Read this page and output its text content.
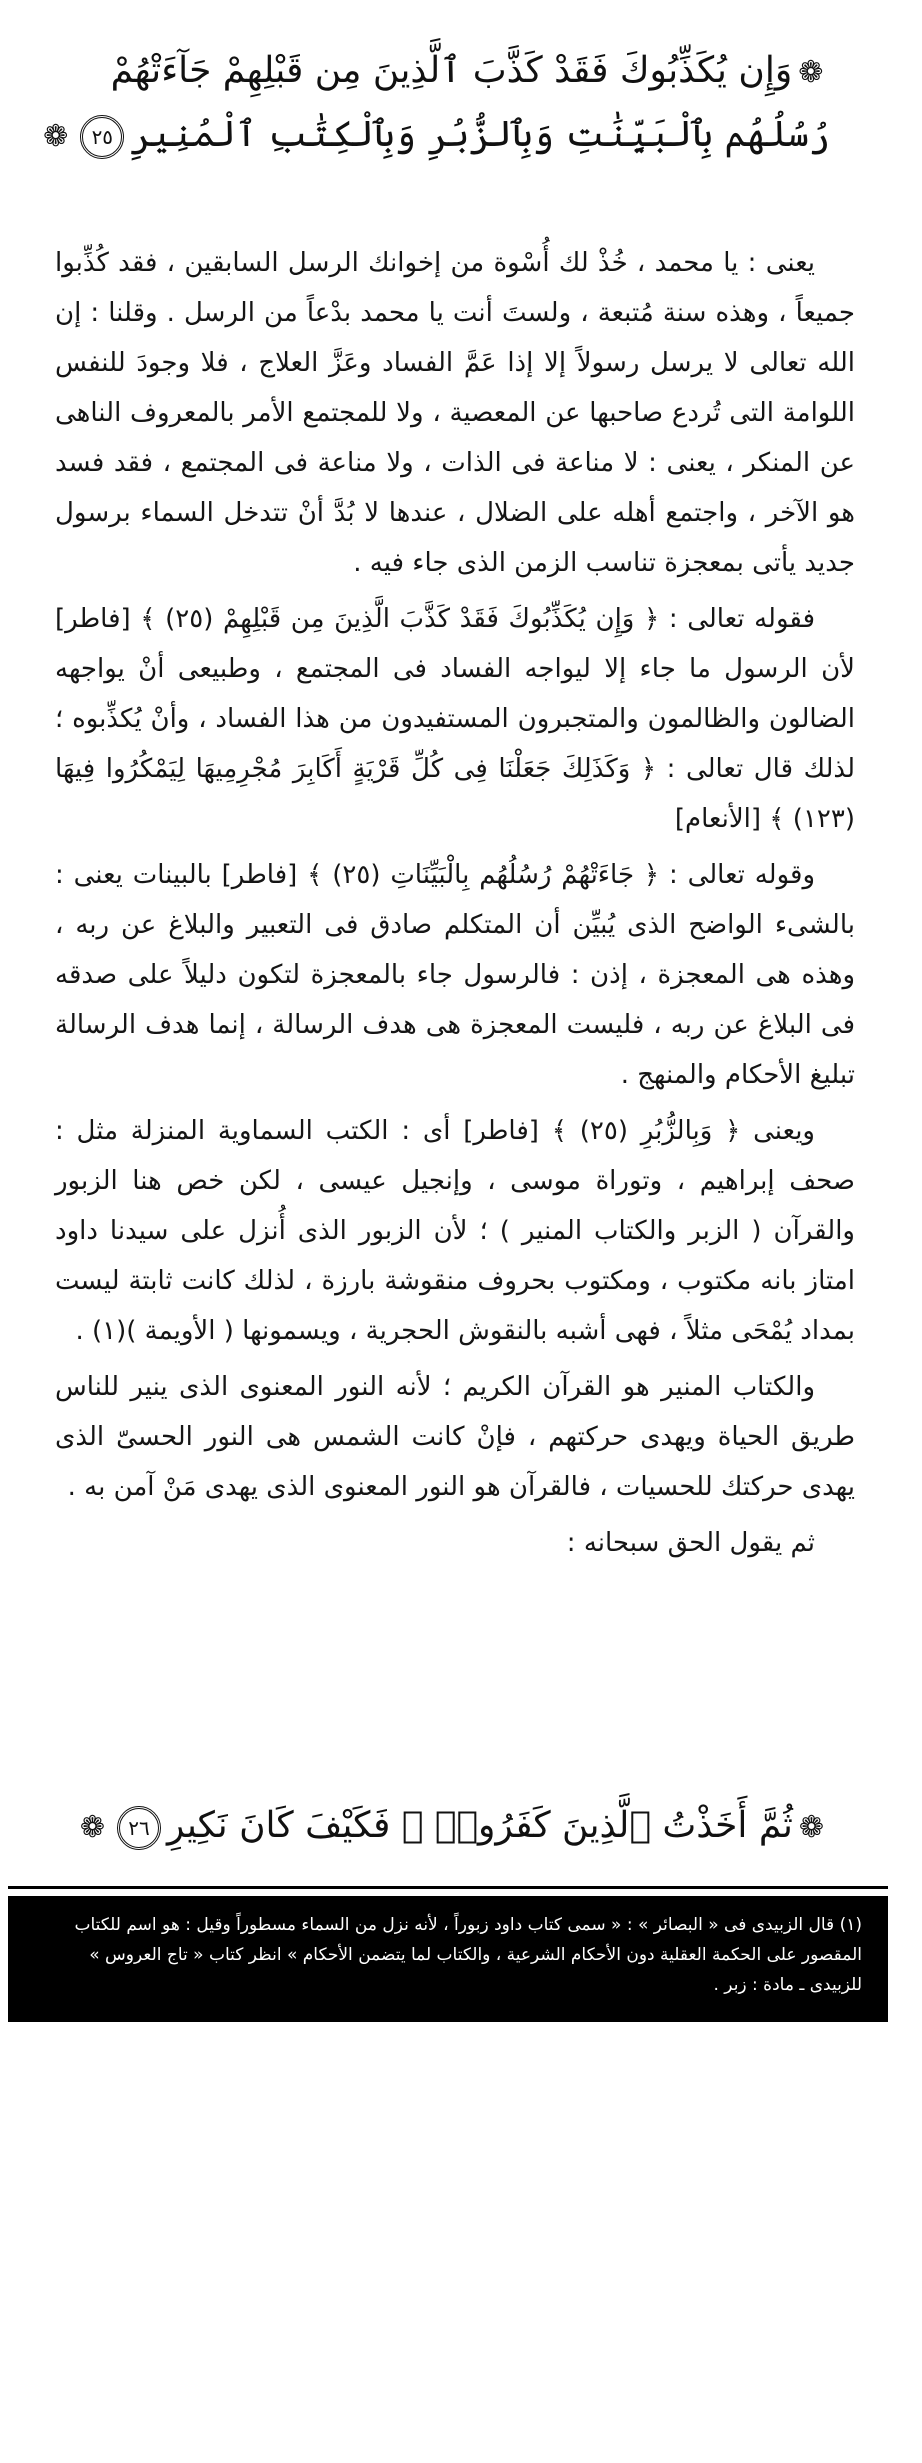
❁وَإِن يُكَذِّبُوكَ فَقَدْ كَذَّبَ ٱلَّذِينَ مِن قَبْلِهِمْ جَآءَتْهُمْ
رُسُلُهُم بِٱلْبَيِّنَٰتِ وَبِٱلزُّبُرِ وَبِٱلْكِتَٰبِ ٱلْمُنِيرِ٢٥❁

يعنى : يا محمد ، خُذْ لك أُسْوة من إخوانك الرسل السابقين ، فقد كُذِّبوا جميعاً ، وهذه سنة مُتبعة ، ولستَ أنت يا محمد بدْعاً من الرسل . وقلنا : إن الله تعالى لا يرسل رسولاً إلا إذا عَمَّ الفساد وعَزَّ العلاج ، فلا وجودَ للنفس اللوامة التى تُردع صاحبها عن المعصية ، ولا للمجتمع الأمر بالمعروف الناهى عن المنكر ، يعنى : لا مناعة فى الذات ، ولا مناعة فى المجتمع ، فقد فسد هو الآخر ، واجتمع أهله على الضلال ، عندها لا بُدَّ أنْ تتدخل السماء برسول جديد يأتى بمعجزة تناسب الزمن الذى جاء فيه .

فقوله تعالى : ﴿ وَإِن يُكَذِّبُوكَ فَقَدْ كَذَّبَ الَّذِينَ مِن قَبْلِهِمْ (٢٥) ﴾ [فاطر] لأن الرسول ما جاء إلا ليواجه الفساد فى المجتمع ، وطبيعى أنْ يواجهه الضالون والظالمون والمتجبرون المستفيدون من هذا الفساد ، وأنْ يُكذِّبوه ؛ لذلك قال تعالى : ﴿ وَكَذَلِكَ جَعَلْنَا فِى كُلِّ قَرْيَةٍ أَكَابِرَ مُجْرِمِيهَا لِيَمْكُرُوا فِيهَا (١٢٣) ﴾ [الأنعام]

وقوله تعالى : ﴿ جَاءَتْهُمْ رُسُلُهُم بِالْبَيِّنَاتِ (٢٥) ﴾ [فاطر] بالبينات يعنى : بالشىء الواضح الذى يُبيِّن أن المتكلم صادق فى التعبير والبلاغ عن ربه ، وهذه هى المعجزة ، إذن : فالرسول جاء بالمعجزة لتكون دليلاً على صدقه فى البلاغ عن ربه ، فليست المعجزة هى هدف الرسالة ، إنما هدف الرسالة تبليغ الأحكام والمنهج .

ويعنى ﴿ وَبِالزُّبُرِ (٢٥) ﴾ [فاطر] أى : الكتب السماوية المنزلة مثل : صحف إبراهيم ، وتوراة موسى ، وإنجيل عيسى ، لكن خص هنا الزبور والقرآن ( الزبر والكتاب المنير ) ؛ لأن الزبور الذى أُنزل على سيدنا داود امتاز بانه مكتوب ، ومكتوب بحروف منقوشة بارزة ، لذلك كانت ثابتة ليست بمداد يُمْحَى مثلاً ، فهى أشبه بالنقوش الحجرية ، ويسمونها ( الأويمة )(١) .

والكتاب المنير هو القرآن الكريم ؛ لأنه النور المعنوى الذى ينير للناس طريق الحياة ويهدى حركتهم ، فإنْ كانت الشمس هى النور الحسىّ الذى يهدى حركتك للحسيات ، فالقرآن هو النور المعنوى الذى يهدى مَنْ آمن به .

ثم يقول الحق سبحانه :

❁ثُمَّ أَخَذْتُ ٱلَّذِينَ كَفَرُوا۟ ۖ فَكَيْفَ كَانَ نَكِيرِ٢٦❁
(١) قال الزبيدى فى « البصائر » : « سمى كتاب داود زبوراً ، لأنه نزل من السماء مسطوراً وقيل : هو اسم للكتاب المقصور على الحكمة العقلية دون الأحكام الشرعية ، والكتاب لما يتضمن الأحكام » انظر كتاب « تاج العروس » للزبيدى ـ مادة : زبر .
